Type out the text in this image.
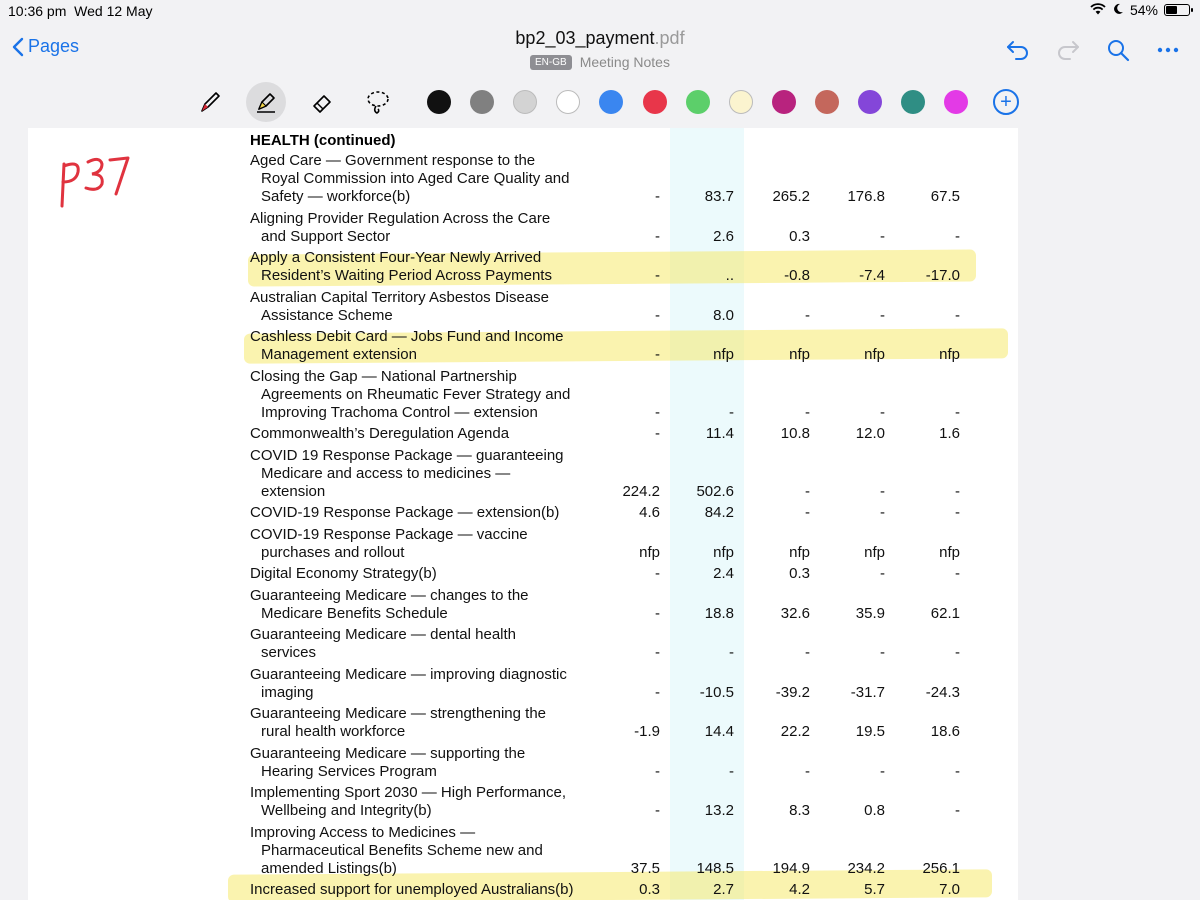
10:36 pm Wed 12 May	54%
Pages	bp2_03_payment.pdf
EN-GB Meeting Notes
+
HEALTH (continued)
Aged Care — Government response to the
Royal Commission into Aged Care Quality and
Safety — workforce(b)	-	83.7	265.2	176.8	67.5
Aligning Provider Regulation Across the Care
and Support Sector	-	2.6	0.3	-	-
Apply a Consistent Four-Year Newly Arrived
Resident’s Waiting Period Across Payments	-	..	-0.8	-7.4	-17.0
Australian Capital Territory Asbestos Disease
Assistance Scheme	-	8.0	-	-	-
Cashless Debit Card — Jobs Fund and Income
Management extension	-	nfp	nfp	nfp	nfp
Closing the Gap — National Partnership
Agreements on Rheumatic Fever Strategy and
Improving Trachoma Control — extension	-	-	-	-	-
Commonwealth’s Deregulation Agenda	-	11.4	10.8	12.0	1.6
COVID 19 Response Package — guaranteeing
Medicare and access to medicines —
extension	224.2	502.6	-	-	-
COVID-19 Response Package — extension(b)	4.6	84.2	-	-	-
COVID-19 Response Package — vaccine
purchases and rollout	nfp	nfp	nfp	nfp	nfp
Digital Economy Strategy(b)	-	2.4	0.3	-	-
Guaranteeing Medicare — changes to the
Medicare Benefits Schedule	-	18.8	32.6	35.9	62.1
Guaranteeing Medicare — dental health
services	-	-	-	-	-
Guaranteeing Medicare — improving diagnostic
imaging	-	-10.5	-39.2	-31.7	-24.3
Guaranteeing Medicare — strengthening the
rural health workforce	-1.9	14.4	22.2	19.5	18.6
Guaranteeing Medicare — supporting the
Hearing Services Program	-	-	-	-	-
Implementing Sport 2030 — High Performance,
Wellbeing and Integrity(b)	-	13.2	8.3	0.8	-
Improving Access to Medicines —
Pharmaceutical Benefits Scheme new and
amended Listings(b)	37.5	148.5	194.9	234.2	256.1
Increased support for unemployed Australians(b)	0.3	2.7	4.2	5.7	7.0
